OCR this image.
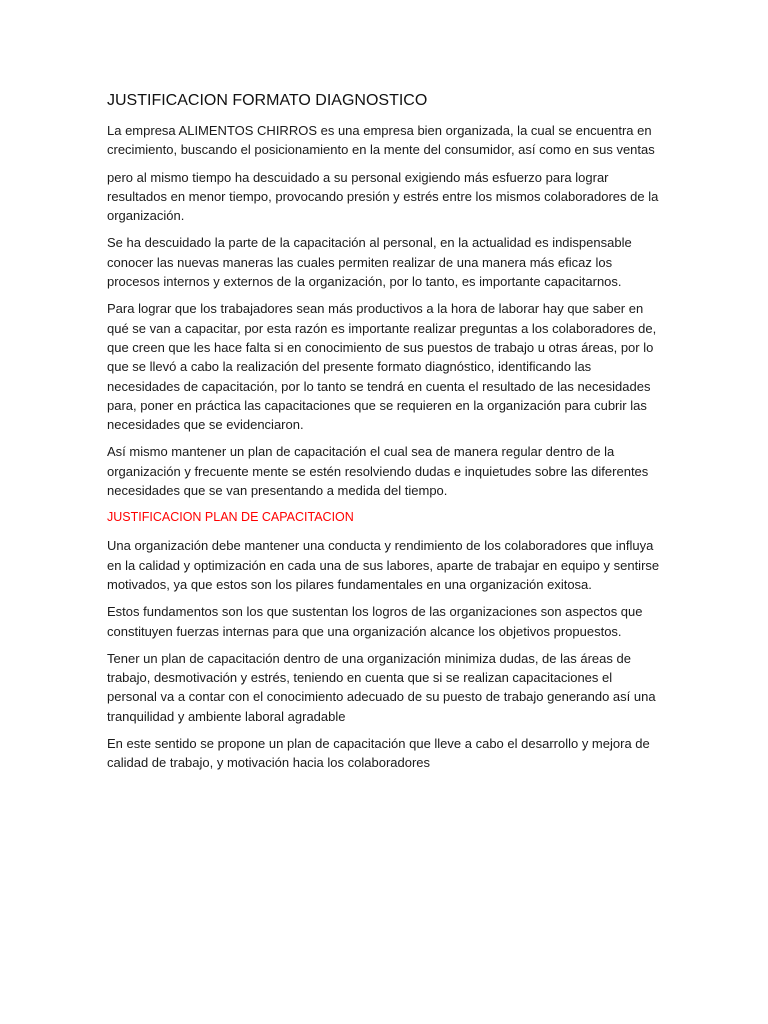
JUSTIFICACION FORMATO DIAGNOSTICO

La empresa ALIMENTOS CHIRROS es una empresa bien organizada, la cual se encuentra en crecimiento, buscando el posicionamiento en la mente del consumidor, así como en sus ventas

pero al mismo tiempo ha descuidado a su personal exigiendo más esfuerzo para lograr resultados en menor tiempo, provocando presión y estrés entre los mismos colaboradores de la organización.

Se ha descuidado la parte de la capacitación al personal, en la actualidad es indispensable conocer las nuevas maneras las cuales permiten realizar de una manera más eficaz los procesos internos y externos de la organización, por lo tanto, es importante capacitarnos.

Para lograr que los trabajadores sean más productivos a la hora de laborar hay que saber en qué se van a capacitar, por esta razón es importante realizar preguntas a los colaboradores de, que creen que les hace falta si en conocimiento de sus puestos de trabajo u otras áreas, por lo que se llevó a cabo la realización del presente formato diagnóstico, identificando las necesidades de capacitación, por lo tanto se tendrá en cuenta el resultado de las necesidades para, poner en práctica las capacitaciones que se requieren en la organización para cubrir las necesidades que se evidenciaron.

Así mismo mantener un plan de capacitación el cual sea de manera regular dentro de la organización y frecuente mente se estén resolviendo dudas e inquietudes sobre las diferentes necesidades que se van presentando a medida del tiempo.

JUSTIFICACION PLAN DE CAPACITACION

Una organización debe mantener una conducta y rendimiento de los colaboradores que influya en la calidad y optimización en cada una de sus labores, aparte de trabajar en equipo y sentirse motivados, ya que estos son los pilares fundamentales en una organización exitosa.

Estos fundamentos son los que sustentan los logros de las organizaciones son aspectos que constituyen fuerzas internas para que una organización alcance los objetivos propuestos.

Tener un plan de capacitación dentro de una organización minimiza dudas, de las áreas de trabajo, desmotivación y estrés, teniendo en cuenta que si se realizan capacitaciones el personal va a contar con el conocimiento adecuado de su puesto de trabajo generando así una tranquilidad y ambiente laboral agradable

En este sentido se propone un plan de capacitación que lleve a cabo el desarrollo y mejora de calidad de trabajo, y motivación hacia los colaboradores
